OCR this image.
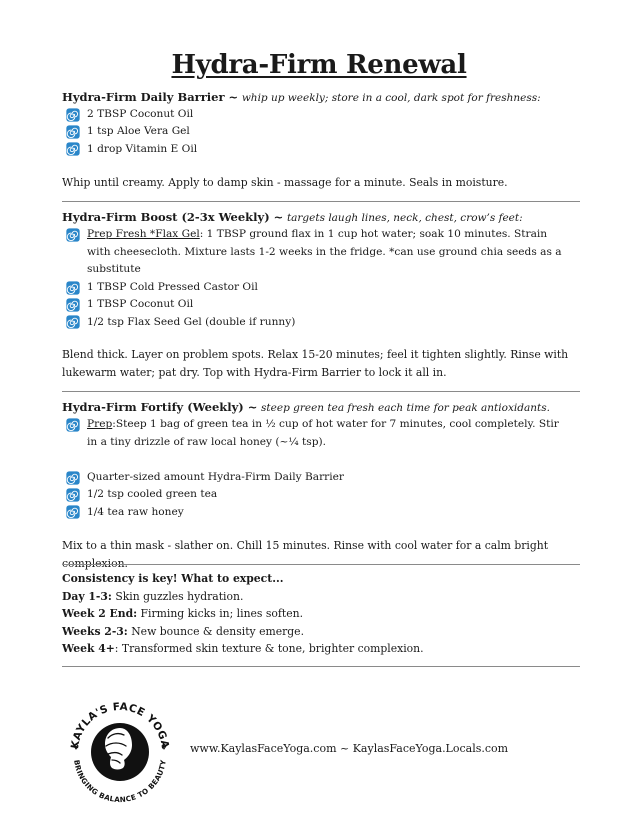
Hydra-Firm Renewal
Hydra-Firm Daily Barrier ~ whip up weekly; store in a cool, dark spot for freshness:
2 TBSP Coconut Oil
1 tsp Aloe Vera Gel
1 drop Vitamin E Oil

Whip until creamy. Apply to damp skin - massage for a minute. Seals in moisture.

Hydra-Firm Boost (2-3x Weekly) ~ targets laugh lines, neck, chest, crow’s feet:
Prep Fresh *Flax Gel: 1 TBSP ground flax in 1 cup hot water; soak 10 minutes. Strain with cheesecloth. Mixture lasts 1-2 weeks in the fridge. *can use ground chia seeds as a substitute
1 TBSP Cold Pressed Castor Oil
1 TBSP Coconut Oil
1/2 tsp Flax Seed Gel (double if runny)

Blend thick. Layer on problem spots. Relax 15-20 minutes; feel it tighten slightly. Rinse with lukewarm water; pat dry. Top with Hydra-Firm Barrier to lock it all in.

Hydra-Firm Fortify (Weekly) ~ steep green tea fresh each time for peak antioxidants.
Prep:Steep 1 bag of green tea in ½ cup of hot water for 7 minutes, cool completely. Stir in a tiny drizzle of raw local honey (~¼ tsp).
Quarter-sized amount Hydra-Firm Daily Barrier
1/2 tsp cooled green tea
1/4 tea raw honey

Mix to a thin mask - slather on. Chill 15 minutes. Rinse with cool water for a calm bright complexion.

Consistency is key! What to expect...
Day 1-3: Skin guzzles hydration.
Week 2 End: Firming kicks in; lines soften.
Weeks 2-3: New bounce & density emerge.
Week 4+: Transformed skin texture & tone, brighter complexion.
KAYLA'S FACE YOGA
BRINGING BALANCE TO BEAUTY
www.KaylasFaceYoga.com ~ KaylasFaceYoga.Locals.com
